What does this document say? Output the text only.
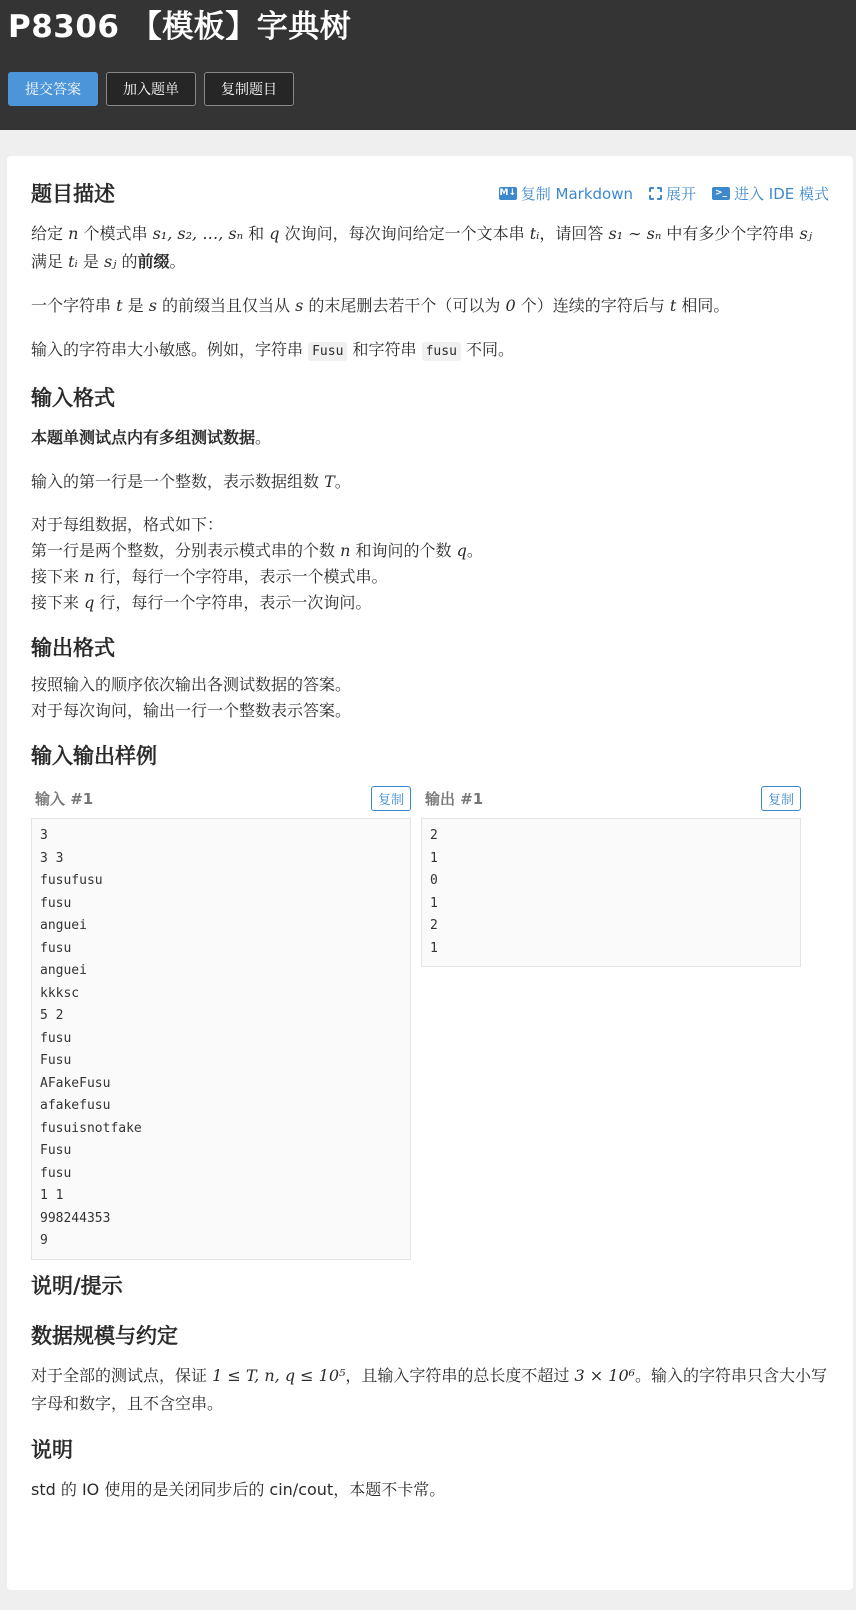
P8306 【模板】字典树
提交答案	加入题单	复制题目
题目描述	M↓ 复制 Markdown 展开	>_ 进入 IDE 模式

给定 n 个模式串 s₁, s₂, …, sₙ 和 q 次询问，每次询问给定一个文本串 tᵢ，请回答 s₁ ∼ sₙ 中有多少个字符串 sⱼ 满足 tᵢ 是 sⱼ 的前缀。

一个字符串 t 是 s 的前缀当且仅当从 s 的末尾删去若干个（可以为 0 个）连续的字符后与 t 相同。

输入的字符串大小敏感。例如，字符串 Fusu 和字符串 fusu 不同。

输入格式

本题单测试点内有多组测试数据。

输入的第一行是一个整数，表示数据组数 T。

对于每组数据，格式如下：
第一行是两个整数，分别表示模式串的个数 n 和询问的个数 q。
接下来 n 行，每行一个字符串，表示一个模式串。
接下来 q 行，每行一个字符串，表示一次询问。

输出格式

按照输入的顺序依次输出各测试数据的答案。
对于每次询问，输出一行一个整数表示答案。

输入输出样例
输入 #1	复制
3
3 3
fusufusu
fusu
anguei
fusu
anguei
kkksc
5 2
fusu
Fusu
AFakeFusu
afakefusu
fusuisnotfake
Fusu
fusu
1 1
998244353
9
输出 #1	复制
2
1
0
1
2
1
说明/提示
数据规模与约定

对于全部的测试点，保证 1 ≤ T, n, q ≤ 10⁵，且输入字符串的总长度不超过 3 × 10⁶。输入的字符串只含大小写字母和数字，且不含空串。

说明

std 的 IO 使用的是关闭同步后的 cin/cout，本题不卡常。
